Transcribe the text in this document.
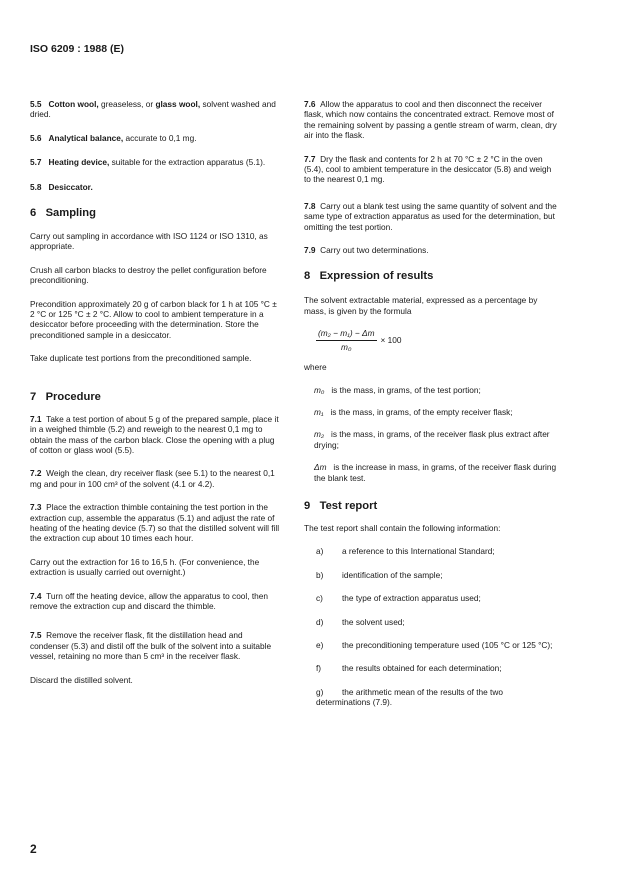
ISO 6209 : 1988 (E)

5.5 Cotton wool, greaseless, or glass wool, solvent washed and dried.

5.6 Analytical balance, accurate to 0,1 mg.

5.7 Heating device, suitable for the extraction apparatus (5.1).

5.8 Desiccator.

6 Sampling

Carry out sampling in accordance with ISO 1124 or ISO 1310, as appropriate.

Crush all carbon blacks to destroy the pellet configuration before preconditioning.

Precondition approximately 20 g of carbon black for 1 h at 105 °C ± 2 °C or 125 °C ± 2 °C. Allow to cool to ambient temperature in a desiccator before proceeding with the determination. Store the preconditioned sample in a desiccator.

Take duplicate test portions from the preconditioned sample.

7 Procedure

7.1 Take a test portion of about 5 g of the prepared sample, place it in a weighed thimble (5.2) and reweigh to the nearest 0,1 mg to obtain the mass of the carbon black. Close the opening with a plug of cotton or glass wool (5.5).

7.2 Weigh the clean, dry receiver flask (see 5.1) to the nearest 0,1 mg and pour in 100 cm³ of the solvent (4.1 or 4.2).

7.3 Place the extraction thimble containing the test portion in the extraction cup, assemble the apparatus (5.1) and adjust the rate of heating of the heating device (5.7) so that the distilled solvent will fill the extraction cup about 10 times each hour.

Carry out the extraction for 16 to 16,5 h. (For convenience, the extraction is usually carried out overnight.)

7.4 Turn off the heating device, allow the apparatus to cool, then remove the extraction cup and discard the thimble.

7.5 Remove the receiver flask, fit the distillation head and condenser (5.3) and distil off the bulk of the solvent into a suitable vessel, retaining no more than 5 cm³ in the receiver flask.

Discard the distilled solvent.

7.6 Allow the apparatus to cool and then disconnect the receiver flask, which now contains the concentrated extract. Remove most of the remaining solvent by passing a gentle stream of warm, clean, dry air into the flask.

7.7 Dry the flask and contents for 2 h at 70 °C ± 2 °C in the oven (5.4), cool to ambient temperature in the desiccator (5.8) and weigh to the nearest 0,1 mg.

7.8 Carry out a blank test using the same quantity of solvent and the same type of extraction apparatus as used for the determination, but omitting the test portion.

7.9 Carry out two determinations.

8 Expression of results

The solvent extractable material, expressed as a percentage by mass, is given by the formula

$\frac{\text{(m₂ − m₁) − Δm}}{\text{m₀}} \times 100$

where

m₀ is the mass, in grams, of the test portion;

m₁ is the mass, in grams, of the empty receiver flask;

m₂ is the mass, in grams, of the receiver flask plus extract after drying;

Δm is the increase in mass, in grams, of the receiver flask during the blank test.

9 Test report

The test report shall contain the following information:

a) a reference to this International Standard;

b) identification of the sample;

c) the type of extraction apparatus used;

d) the solvent used;

e) the preconditioning temperature used (105 °C or 125 °C);

f)	the results obtained for each determination;

g) the arithmetic mean of the results of the two determinations (7.9).

2
